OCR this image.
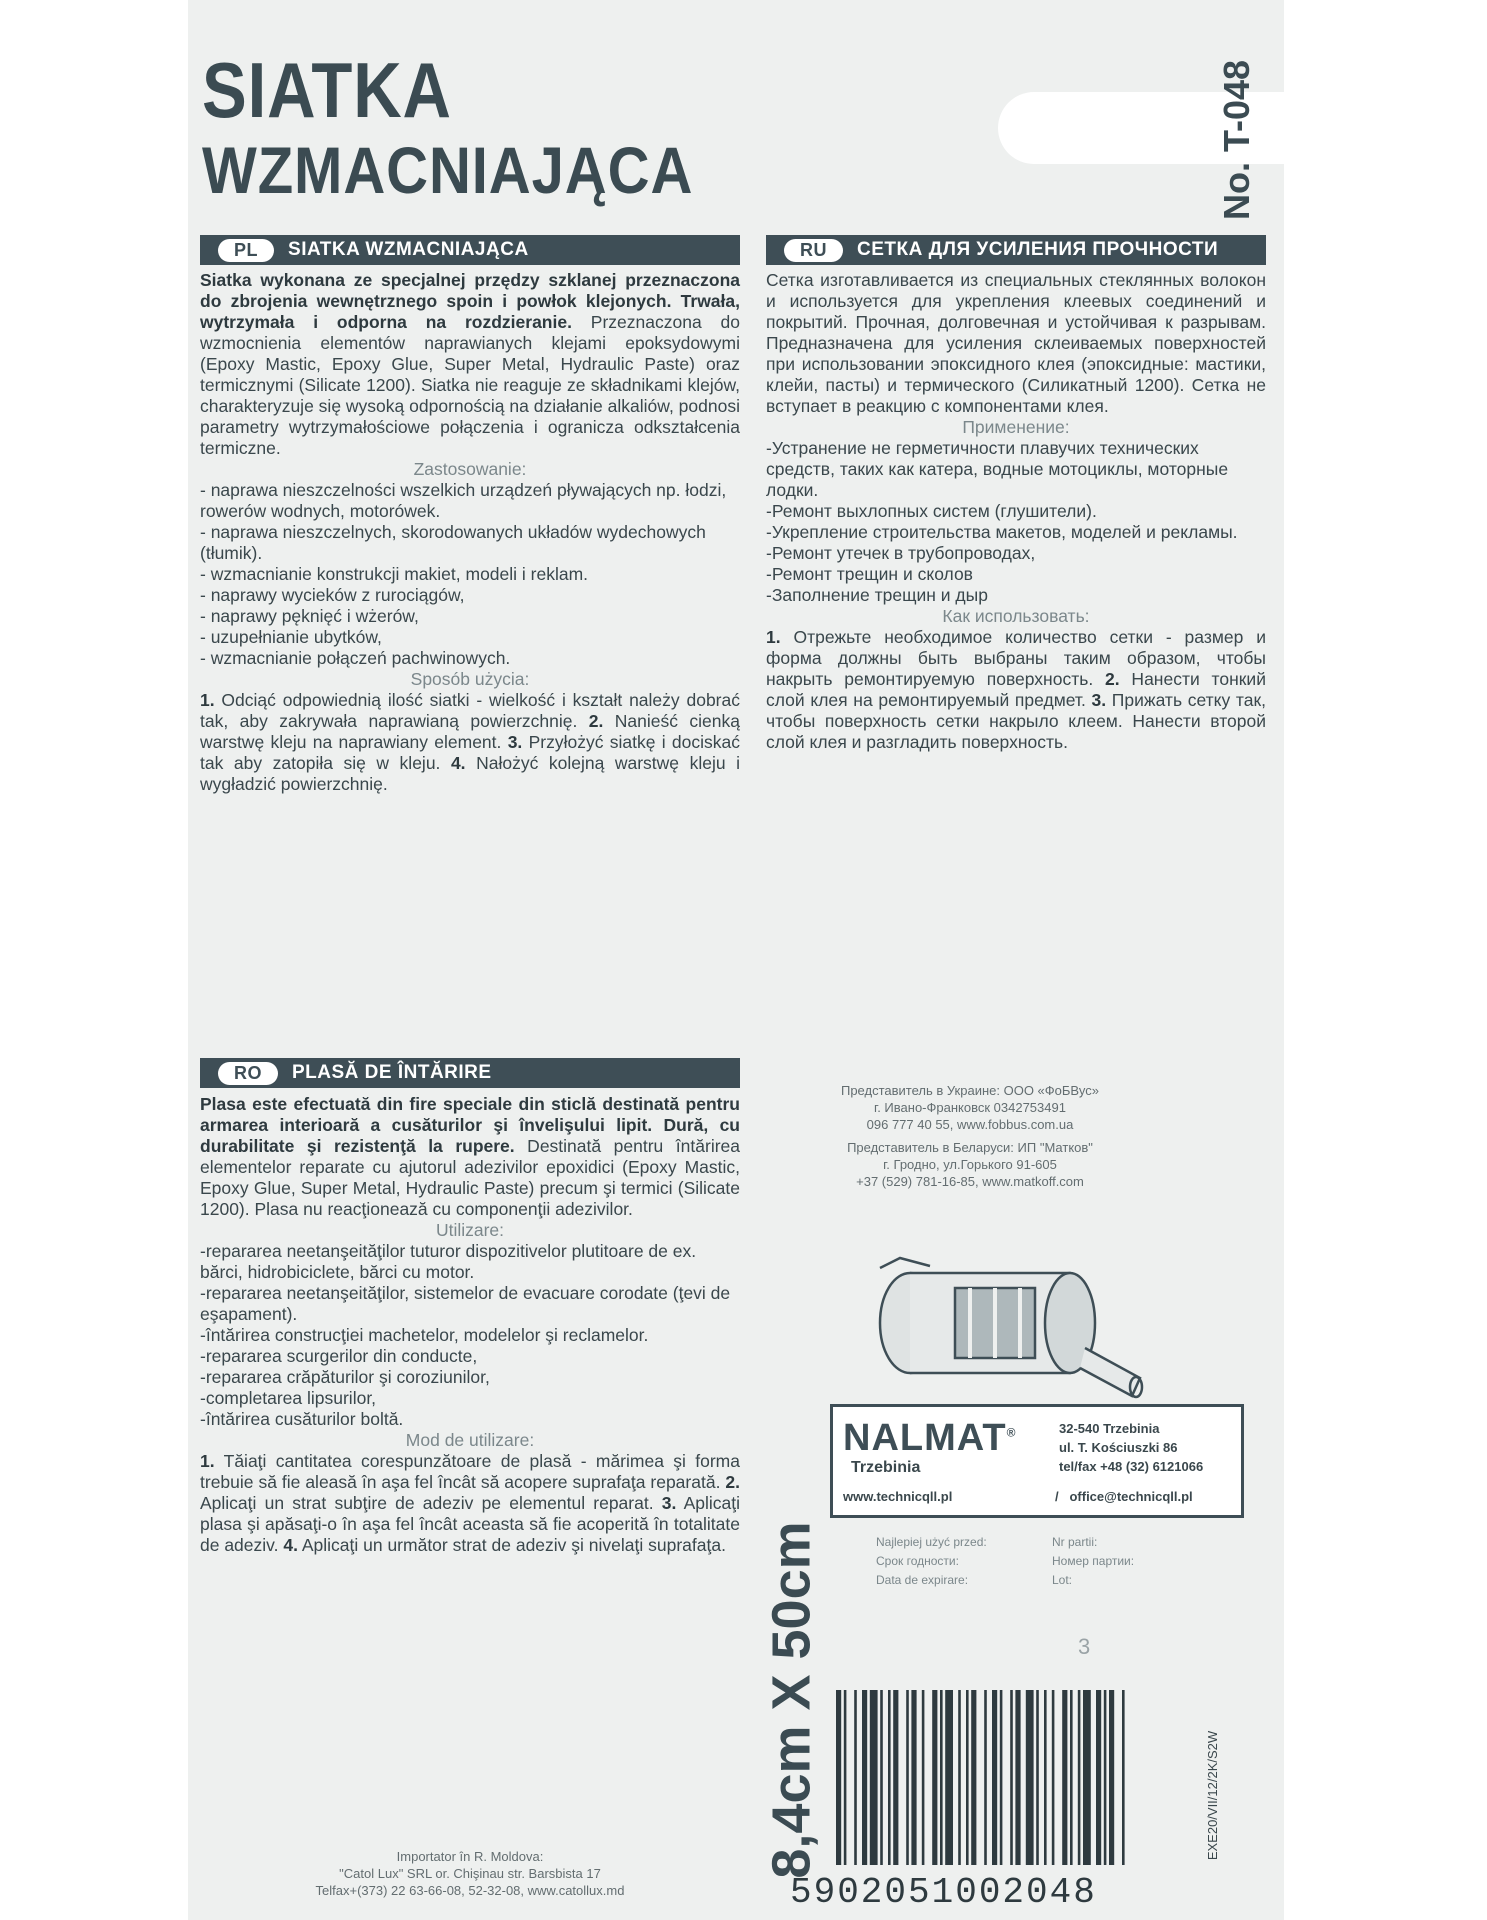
SIATKA
WZMACNIAJĄCA	No. T-048
PL	SIATKA WZMACNIAJĄCA

Siatka wykonana ze specjalnej przędzy szklanej przeznaczona do zbrojenia wewnętrznego spoin i powłok klejonych. Trwała, wytrzymała i odporna na rozdzieranie. Przeznaczona do wzmocnienia elementów naprawianych klejami epoksydowymi (Epoxy Mastic, Epoxy Glue, Super Metal, Hydraulic Paste) oraz termicznymi (Silicate 1200). Siatka nie reaguje ze składnikami klejów, charakteryzuje się wysoką odpornością na działanie alkaliów, podnosi parametry wytrzymałościowe połączenia i ogranicza odkształcenia termiczne.

Zastosowanie:

- naprawa nieszczelności wszelkich urządzeń pływających np. łodzi, rowerów wodnych, motorówek.
- naprawa nieszczelnych, skorodowanych układów wydechowych (tłumik).
- wzmacnianie konstrukcji makiet, modeli i reklam.
- naprawy wycieków z rurociągów,
- naprawy pęknięć i wżerów,
- uzupełnianie ubytków,
- wzmacnianie połączeń pachwinowych.

Sposób użycia:

1. Odciąć odpowiednią ilość siatki - wielkość i kształt należy dobrać tak, aby zakrywała naprawianą powierzchnię. 2. Nanieść cienką warstwę kleju na naprawiany element. 3. Przyłożyć siatkę i dociskać tak aby zatopiła się w kleju. 4. Nałożyć kolejną warstwę kleju i wygładzić powierzchnię.

RO	PLASĂ DE ÎNTĂRIRE

Plasa este efectuată din fire speciale din sticlă destinată pentru armarea interioară a cusăturilor şi învelişului lipit. Dură, cu durabilitate şi rezistenţă la rupere. Destinată pentru întărirea elementelor reparate cu ajutorul adezivilor epoxidici (Epoxy Mastic, Epoxy Glue, Super Metal, Hydraulic Paste) precum şi termici (Silicate 1200). Plasa nu reacţionează cu componenţii adezivilor.

Utilizare:

-repararea neetanşeităţilor tuturor dispozitivelor plutitoare de ex. bărci, hidrobiciclete, bărci cu motor.
-repararea neetanşeităţilor, sistemelor de evacuare corodate (ţevi de eşapament).
-întărirea construcţiei machetelor, modelelor şi reclamelor.
-repararea scurgerilor din conducte,
-repararea crăpăturilor şi coroziunilor,
-completarea lipsurilor,
-întărirea cusăturilor boltă.

Mod de utilizare:

1. Tăiaţi cantitatea corespunzătoare de plasă - mărimea şi forma trebuie să fie aleasă în aşa fel încât să acopere suprafaţa reparată. 2. Aplicaţi un strat subţire de adeziv pe elementul reparat. 3. Aplicaţi plasa şi apăsaţi-o în aşa fel încât aceasta să fie acoperită în totalitate de adeziv. 4. Aplicaţi un următor strat de adeziv şi nivelaţi suprafaţa.

RU	СЕТКА ДЛЯ УСИЛЕНИЯ ПРОЧНОСТИ

Сетка изготавливается из специальных стеклянных волокон и используется для укрепления клеевых соединений и покрытий. Прочная, долговечная и устойчивая к разрывам. Предназначена для усиления склеиваемых поверхностей при использовании эпоксидного клея (эпоксидные: мастики, клейи, пасты) и термического (Силикатный 1200). Сетка не вступает в реакцию с компонентами клея.

Применение:

-Устранение не герметичности плавучих технических средств, таких как катера, водные мотоциклы, моторные лодки.
-Ремонт выхлопных систем (глушители).
-Укрепление строительства макетов, моделей и рекламы.
-Ремонт утечек в трубопроводах,
-Ремонт трещин и сколов
-Заполнение трещин и дыр

Как использовать:

1. Отрежьте необходимое количество сетки - размер и форма должны быть выбраны таким образом, чтобы накрыть ремонтируемую поверхность. 2. Нанести тонкий слой клея на ремонтируемый предмет. 3. Прижать сетку так, чтобы поверхность сетки накрыло клеем. Нанести второй слой клея и разгладить поверхность.

Представитель в Украине: ООО «ФоБВус»

г. Ивано-Франковск 0342753491

096 777 40 55, www.fobbus.com.ua

Представитель в Беларуси: ИП "Матков"

г. Гродно, ул.Горького 91-605

+37 (529) 781-16-85, www.matkoff.com

NALMAT®
Trzebinia
www.technicqll.pl
32-540 Trzebinia
ul. T. Kościuszki 86
tel/fax +48 (32) 6121066
/ office@technicqll.pl
Najlepiej użyć przed:	Nr partii:
Срок годности:	Номер партии:
Data de expirare:	Lot:
3
8,4cm X 50cm
5902051002048
EXE20/VII/12/2K/S2W

Importator în R. Moldova:

"Catol Lux" SRL or. Chişinau str. Barsbista 17

Telfax+(373) 22 63-66-08, 52-32-08, www.catollux.md
